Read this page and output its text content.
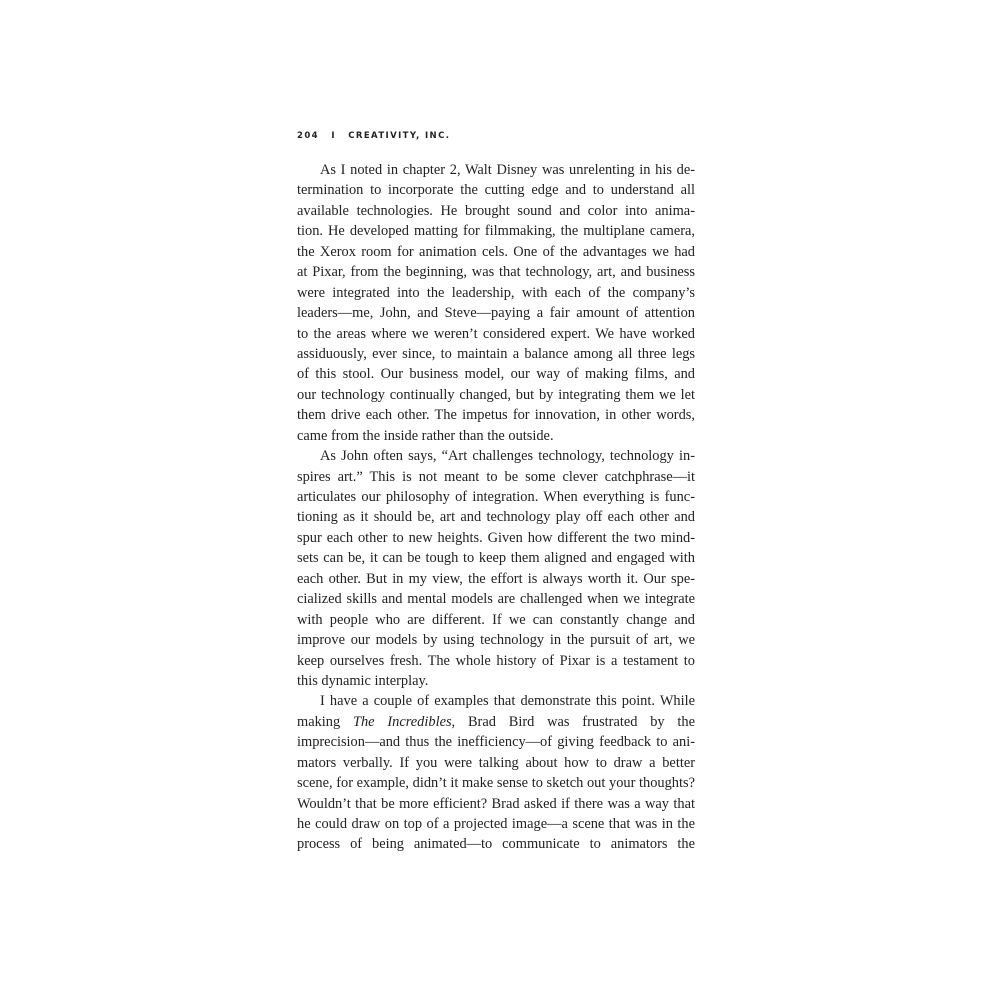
204 I CREATIVITY, INC.
As I noted in chapter 2, Walt Disney was unrelenting in his de-
termination to incorporate the cutting edge and to understand all
available technologies. He brought sound and color into anima-
tion. He developed matting for filmmaking, the multiplane camera,
the Xerox room for animation cels. One of the advantages we had
at Pixar, from the beginning, was that technology, art, and business
were integrated into the leadership, with each of the company’s
leaders—me, John, and Steve—paying a fair amount of attention
to the areas where we weren’t considered expert. We have worked
assiduously, ever since, to maintain a balance among all three legs
of this stool. Our business model, our way of making films, and
our technology continually changed, but by integrating them we let
them drive each other. The impetus for innovation, in other words,
came from the inside rather than the outside.
As John often says, “Art challenges technology, technology in-
spires art.” This is not meant to be some clever catchphrase—it
articulates our philosophy of integration. When everything is func-
tioning as it should be, art and technology play off each other and
spur each other to new heights. Given how different the two mind-
sets can be, it can be tough to keep them aligned and engaged with
each other. But in my view, the effort is always worth it. Our spe-
cialized skills and mental models are challenged when we integrate
with people who are different. If we can constantly change and
improve our models by using technology in the pursuit of art, we
keep ourselves fresh. The whole history of Pixar is a testament to
this dynamic interplay.
I have a couple of examples that demonstrate this point. While
making The Incredibles, Brad Bird was frustrated by the
imprecision—and thus the inefficiency—of giving feedback to ani-
mators verbally. If you were talking about how to draw a better
scene, for example, didn’t it make sense to sketch out your thoughts?
Wouldn’t that be more efficient? Brad asked if there was a way that
he could draw on top of a projected image—a scene that was in the
process of being animated—to communicate to animators the
